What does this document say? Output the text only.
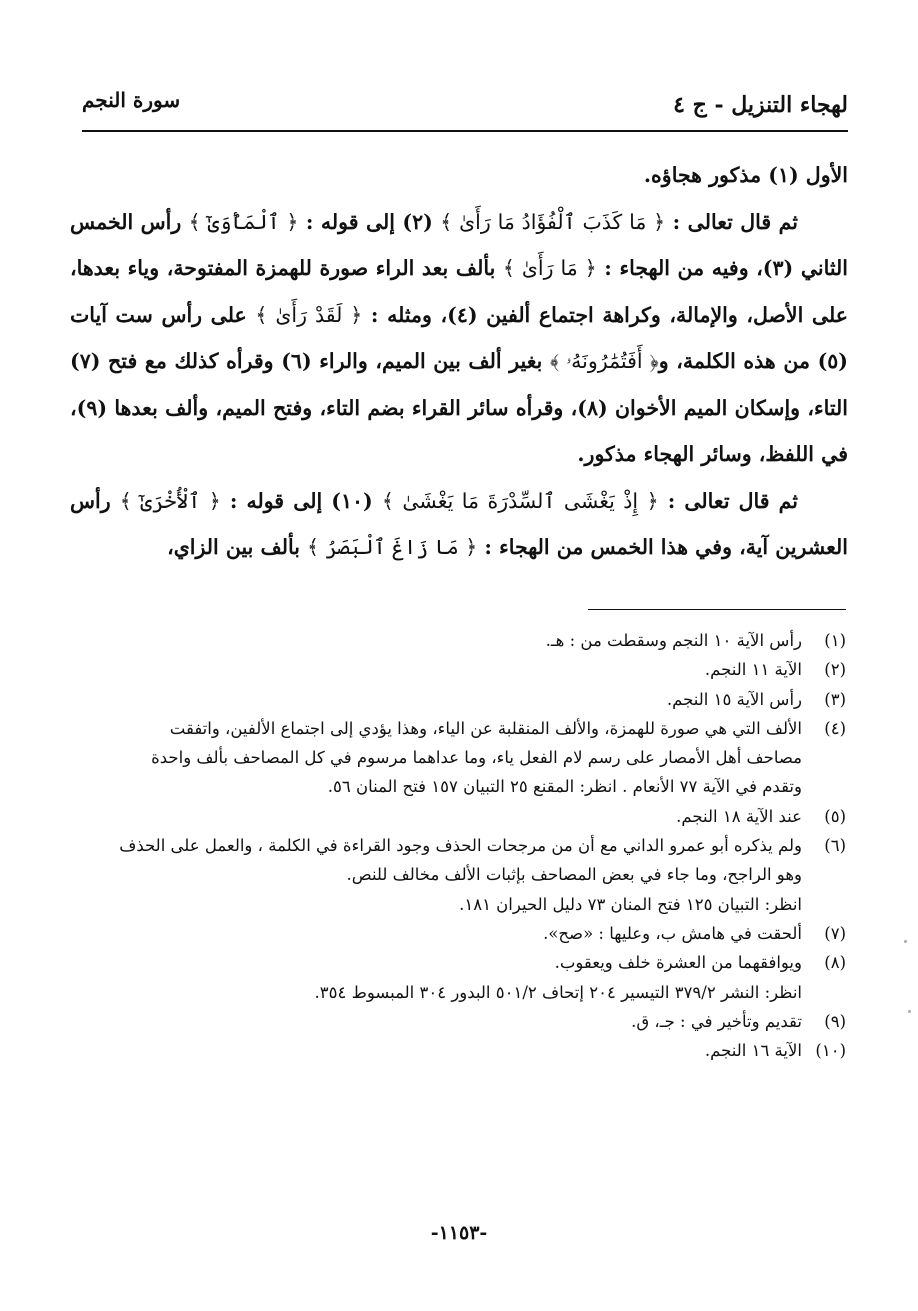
لهجاء التنزيل - ج ٤
سورة النجم

الأول (١) مذكور هجاؤه.

ثم قال تعالى : ﴿ مَا كَذَبَ ٱلْفُؤَادُ مَا رَأَىٰ ﴾ (٢) إلى قوله : ﴿ ٱلْمَأْوَىٰٓ ﴾ رأس الخمس الثاني (٣)، وفيه من الهجاء : ﴿ مَا رَأَىٰ ﴾ بألف بعد الراء صورة للهمزة المفتوحة، وياء بعدها، على الأصل، والإمالة، وكراهة اجتماع ألفين (٤)، ومثله : ﴿ لَقَدْ رَأَىٰ ﴾ على رأس ست آيات (٥) من هذه الكلمة، و﴿ أَفَتُمَٰرُونَهُۥ ﴾ بغير ألف بين الميم، والراء (٦) وقرأه كذلك مع فتح (٧) التاء، وإسكان الميم الأخوان (٨)، وقرأه سائر القراء بضم التاء، وفتح الميم، وألف بعدها (٩)، في اللفظ، وسائر الهجاء مذكور.

ثم قال تعالى : ﴿ إِذْ يَغْشَى ٱلسِّدْرَةَ مَا يَغْشَىٰ ﴾ (١٠) إلى قوله : ﴿ ٱلْأُخْرَىٰٓ ﴾ رأس العشرين آية، وفي هذا الخمس من الهجاء : ﴿ مَا زَاغَ ٱلْبَصَرُ ﴾ بألف بين الزاي،

(١)
رأس الآية ١٠ النجم وسقطت من : هـ.
(٢)
الآية ١١ النجم.
(٣)
رأس الآية ١٥ النجم.
(٤)
الألف التي هي صورة للهمزة، والألف المنقلبة عن الياء، وهذا يؤدي إلى اجتماع الألفين، واتفقت
مصاحف أهل الأمصار على رسم لام الفعل ياء، وما عداهما مرسوم في كل المصاحف بألف واحدة
وتقدم في الآية ٧٧ الأنعام . انظر: المقنع ٢٥ التبيان ١٥٧ فتح المنان ٥٦.
(٥)
عند الآية ١٨ النجم.
(٦)
ولم يذكره أبو عمرو الداني مع أن من مرجحات الحذف وجود القراءة في الكلمة ، والعمل على الحذف
وهو الراجح، وما جاء في بعض المصاحف بإثبات الألف مخالف للنص.
انظر: التبيان ١٢٥ فتح المنان ٧٣ دليل الحيران ١٨١.
(٧)
ألحقت في هامش ب، وعليها : «صح».
(٨)
ويوافقهما من العشرة خلف ويعقوب.
انظر: النشر ٣٧٩/٢ التيسير ٢٠٤ إتحاف ٥٠١/٢ البدور ٣٠٤ المبسوط ٣٥٤.
(٩)
تقديم وتأخير في : جـ، ق.
(١٠)
الآية ١٦ النجم.
-١١٥٣-
